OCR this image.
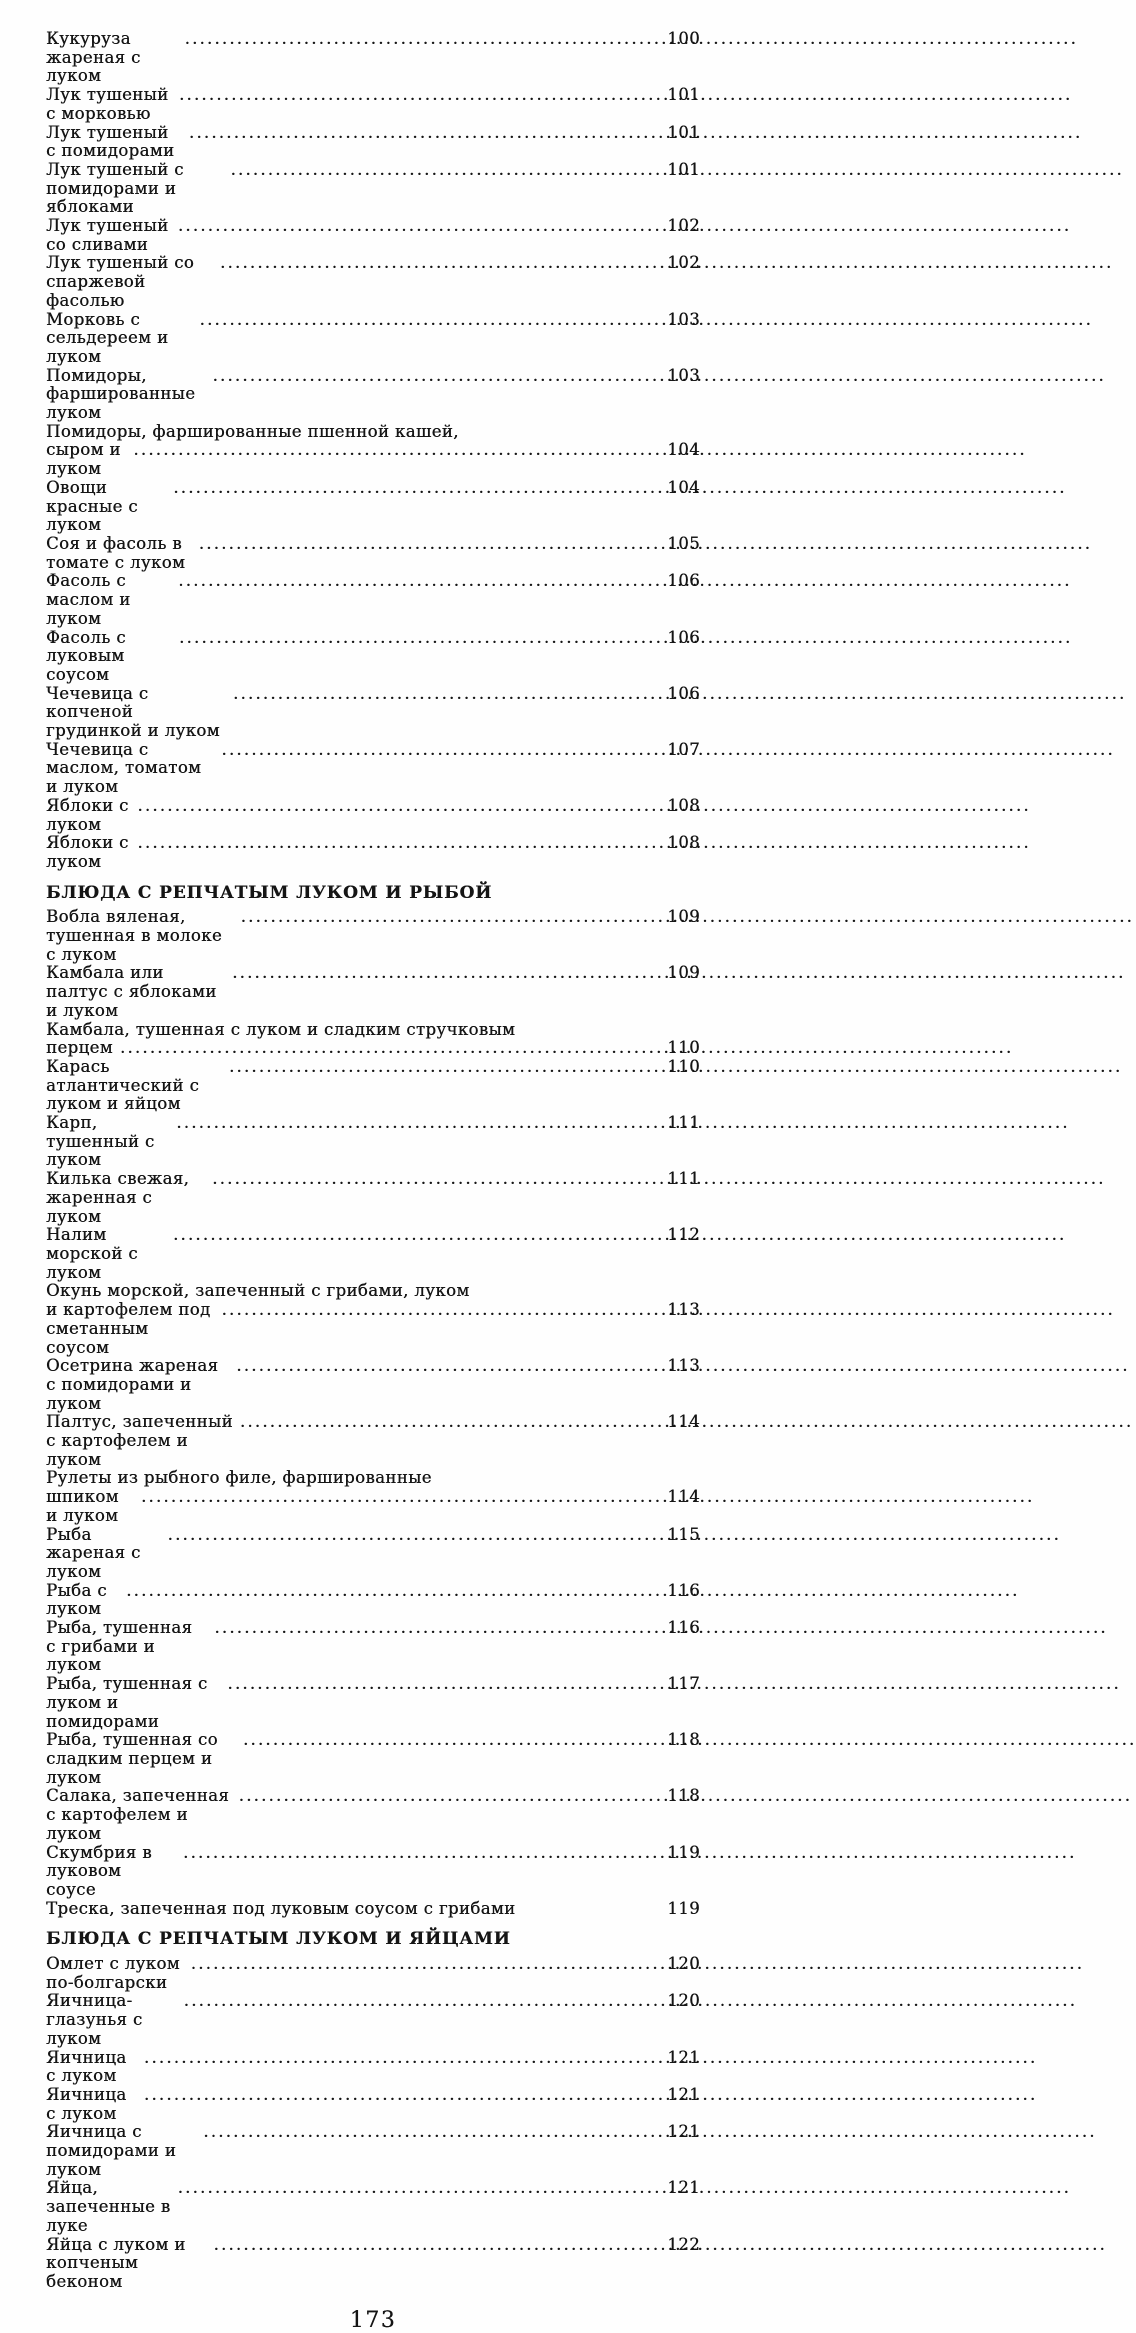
Кукуруза жареная с луком
.....
100
Лук тушеный с морковью
.....
101
Лук тушеный с помидорами
.....
101
Лук тушеный с помидорами и яблоками
.....
101
Лук тушеный со сливами
.....
102
Лук тушеный со спаржевой фасолью
.....
102
Морковь с сельдереем и луком
.....
103
Помидоры, фаршированные луком
.....
103
Помидоры, фаршированные пшенной кашей,
сыром и луком
.....
104
Овощи красные с луком
.....
104
Соя и фасоль в томате с луком
.....
105
Фасоль с маслом и луком
.....
106
Фасоль с луковым соусом
.....
106
Чечевица с копченой грудинкой и луком
.....
106
Чечевица с маслом, томатом и луком
.....
107
Яблоки с луком
.....
108
Яблоки с луком
.....
108
БЛЮДА С РЕПЧАТЫМ ЛУКОМ И РЫБОЙ
Вобла вяленая, тушенная в молоке с луком
.....
109
Камбала или палтус с яблоками и луком
.....
109
Камбала, тушенная с луком и сладким стручковым
перцем .....	110
Карась атлантический с луком и яйцом
.....
110
Карп, тушенный с луком
.....
111
Килька свежая, жаренная с луком
.....
111
Налим морской с луком
.....
112
Окунь морской, запеченный с грибами, луком
и картофелем под сметанным соусом
.....
113
Осетрина жареная с помидорами и луком
.....
113
Палтус, запеченный с картофелем и луком
.....
114
Рулеты из рыбного филе, фаршированные
шпиком и луком
.....
114
Рыба жареная с луком
.....
115
Рыба с луком
.....
116
Рыба, тушенная с грибами и луком
.....
116
Рыба, тушенная с луком и помидорами
.....
117
Рыба, тушенная со сладким перцем и луком
.....
118
Салака, запеченная с картофелем и луком
.....
118
Скумбрия в луковом соусе
.....
119
Треска, запеченная под луковым соусом с грибами	119
БЛЮДА С РЕПЧАТЫМ ЛУКОМ И ЯЙЦАМИ
Омлет с луком по-болгарски
.....
120
Яичница-глазунья с луком
.....
120
Яичница с луком
.....
121
Яичница с луком
.....
121
Яичница с помидорами и луком
.....
121
Яйца, запеченные в луке
.....
121
Яйца с луком и копченым беконом
.....
122
173
